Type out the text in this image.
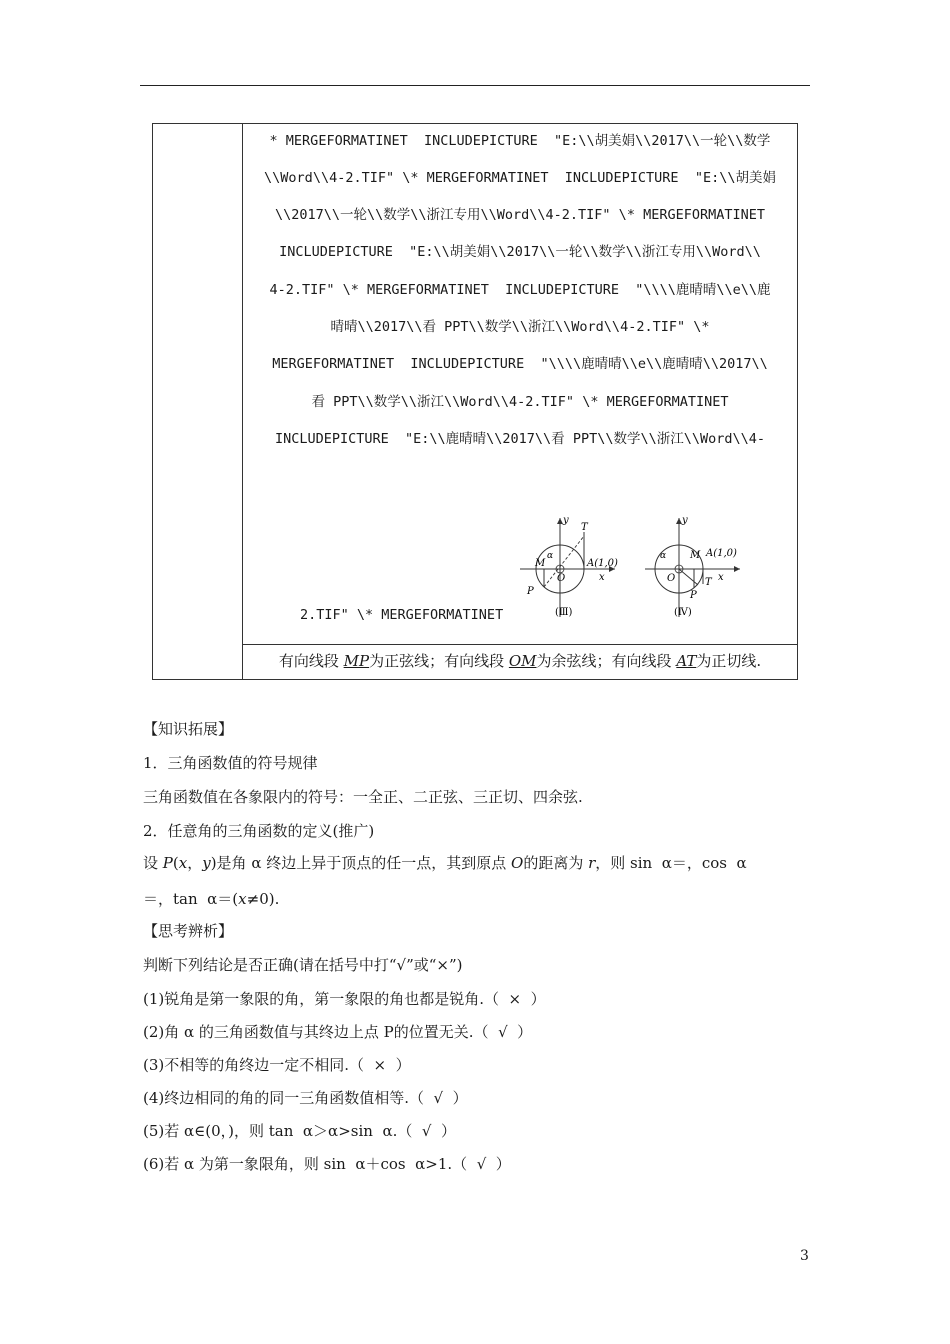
* MERGEFORMATINET  INCLUDEPICTURE  "E:\\胡美娟\\2017\\一轮\\数学
\\Word\\4-2.TIF" \* MERGEFORMATINET  INCLUDEPICTURE  "E:\\胡美娟
\\2017\\一轮\\数学\\浙江专用\\Word\\4-2.TIF" \* MERGEFORMATINET
INCLUDEPICTURE  "E:\\胡美娟\\2017\\一轮\\数学\\浙江专用\\Word\\
4-2.TIF" \* MERGEFORMATINET  INCLUDEPICTURE  "\\\\鹿晴晴\\e\\鹿
晴晴\\2017\\看 PPT\\数学\\浙江\\Word\\4-2.TIF" \*
MERGEFORMATINET  INCLUDEPICTURE  "\\\\鹿晴晴\\e\\鹿晴晴\\2017\\
看 PPT\\数学\\浙江\\Word\\4-2.TIF" \* MERGEFORMATINET
INCLUDEPICTURE  "E:\\鹿晴晴\\2017\\看 PPT\\数学\\浙江\\Word\\4-
2.TIF" \* MERGEFORMATINET
y
x
M
α
O
P
T
A(1,0)
(Ⅲ)
y
x
M
α
O
P
T
A(1,0)
(Ⅳ)
有向线段 MP为正弦线；有向线段 OM为余弦线；有向线段 AT为正切线.
【知识拓展】
1．三角函数值的符号规律
三角函数值在各象限内的符号：一全正、二正弦、三正切、四余弦.
2．任意角的三角函数的定义(推广)
设 P(x，y)是角 α 终边上异于顶点的任一点，其到原点 O的距离为 r，则 sin  α＝，cos  α
＝，tan  α＝(x≠0).
【思考辨析】
判断下列结论是否正确(请在括号中打“√”或“×”)
(1)锐角是第一象限的角，第一象限的角也都是锐角.（  ×  ）
(2)角 α 的三角函数值与其终边上点 P的位置无关.（  √  ）
(3)不相等的角终边一定不相同.（  ×  ）
(4)终边相同的角的同一三角函数值相等.（  √  ）
(5)若 α∈(0，)，则 tan  α＞α>sin  α.（  √  ）
(6)若 α 为第一象限角，则 sin  α＋cos  α>1.（  √  ）
3
